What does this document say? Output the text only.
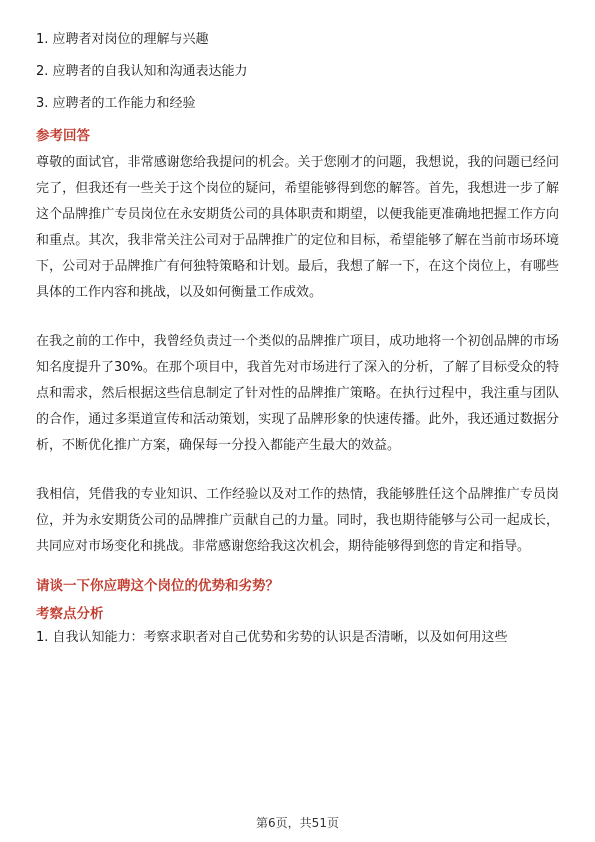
1. 应聘者对岗位的理解与兴趣
2. 应聘者的自我认知和沟通表达能力
3. 应聘者的工作能力和经验
参考回答

尊敬的面试官，非常感谢您给我提问的机会。关于您刚才的问题，我想说，我的问题已经问完了，但我还有一些关于这个岗位的疑问，希望能够得到您的解答。首先，我想进一步了解这个品牌推广专员岗位在永安期货公司的具体职责和期望，以便我能更准确地把握工作方向和重点。其次，我非常关注公司对于品牌推广的定位和目标，希望能够了解在当前市场环境下，公司对于品牌推广有何独特策略和计划。最后，我想了解一下，在这个岗位上，有哪些具体的工作内容和挑战，以及如何衡量工作成效。

在我之前的工作中，我曾经负责过一个类似的品牌推广项目，成功地将一个初创品牌的市场知名度提升了30%。在那个项目中，我首先对市场进行了深入的分析，了解了目标受众的特点和需求，然后根据这些信息制定了针对性的品牌推广策略。在执行过程中，我注重与团队的合作，通过多渠道宣传和活动策划，实现了品牌形象的快速传播。此外，我还通过数据分析，不断优化推广方案，确保每一分投入都能产生最大的效益。

我相信，凭借我的专业知识、工作经验以及对工作的热情，我能够胜任这个品牌推广专员岗位，并为永安期货公司的品牌推广贡献自己的力量。同时，我也期待能够与公司一起成长，共同应对市场变化和挑战。非常感谢您给我这次机会，期待能够得到您的肯定和指导。

请谈一下你应聘这个岗位的优势和劣势？
考察点分析
1. 自我认知能力：考察求职者对自己优势和劣势的认识是否清晰，以及如何用这些
第6页，共51页
